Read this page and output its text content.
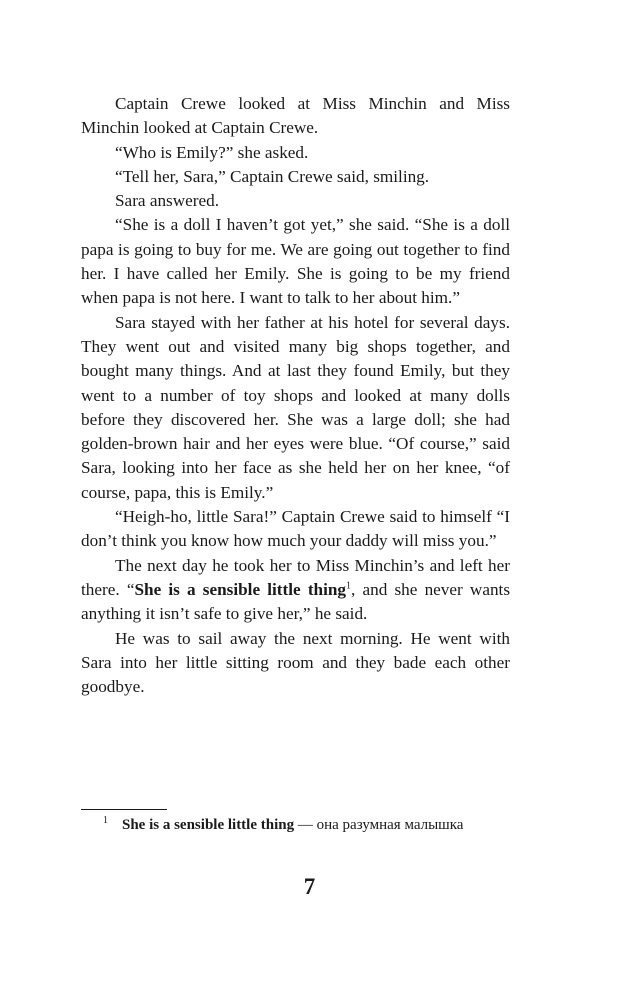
Captain Crewe looked at Miss Minchin and Miss Minchin looked at Captain Crewe.

“Who is Emily?” she asked.

“Tell her, Sara,” Captain Crewe said, smiling.

Sara answered.

“She is a doll I haven’t got yet,” she said. “She is a doll papa is going to buy for me. We are going out together to find her. I have called her Emily. She is going to be my friend when papa is not here. I want to talk to her about him.”

Sara stayed with her father at his hotel for several days. They went out and visited many big shops together, and bought many things. And at last they found Emily, but they went to a number of toy shops and looked at many dolls before they discovered her. She was a large doll; she had golden-brown hair and her eyes were blue. “Of course,” said Sara, looking into her face as she held her on her knee, “of course, papa, this is Emily.”

“Heigh-ho, little Sara!” Captain Crewe said to himself “I don’t think you know how much your daddy will miss you.”

The next day he took her to Miss Minchin’s and left her there. “She is a sensible little thing$^1$, and she never wants anything it isn’t safe to give her,” he said.

He was to sail away the next morning. He went with Sara into her little sitting room and they bade each other goodbye.

$^1$ She is a sensible little thing — она разумная малышка

7
